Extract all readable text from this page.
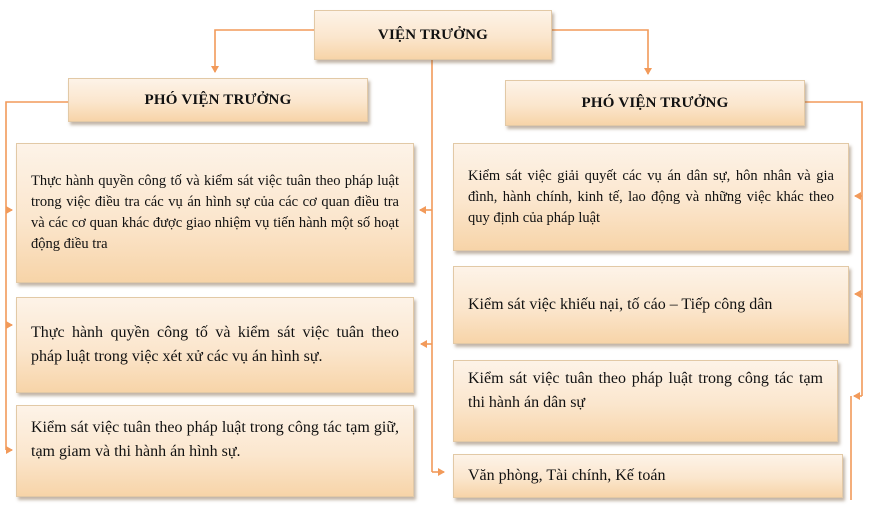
VIỆN TRƯỞNG
PHÓ VIỆN TRƯỞNG	PHÓ VIỆN TRƯỞNG
Thực hành quyền công tố và kiểm sát việc tuân theo pháp luật trong việc điều tra các vụ án hình sự của các cơ quan điều tra và các cơ quan khác được giao nhiệm vụ tiến hành một số hoạt động điều tra
Thực hành quyền công tố và kiểm sát việc tuân theo pháp luật trong việc xét xử các vụ án hình sự.
Kiểm sát việc tuân theo pháp luật trong công tác tạm giữ, tạm giam và thi hành án hình sự.
Kiểm sát việc giải quyết các vụ án dân sự, hôn nhân và gia đình, hành chính, kinh tế, lao động và những việc khác theo quy định của pháp luật
Kiểm sát việc khiếu nại, tố cáo – Tiếp công dân
Kiểm sát việc tuân theo pháp luật trong công tác tạm thi hành án dân sự
Văn phòng, Tài chính, Kế toán
